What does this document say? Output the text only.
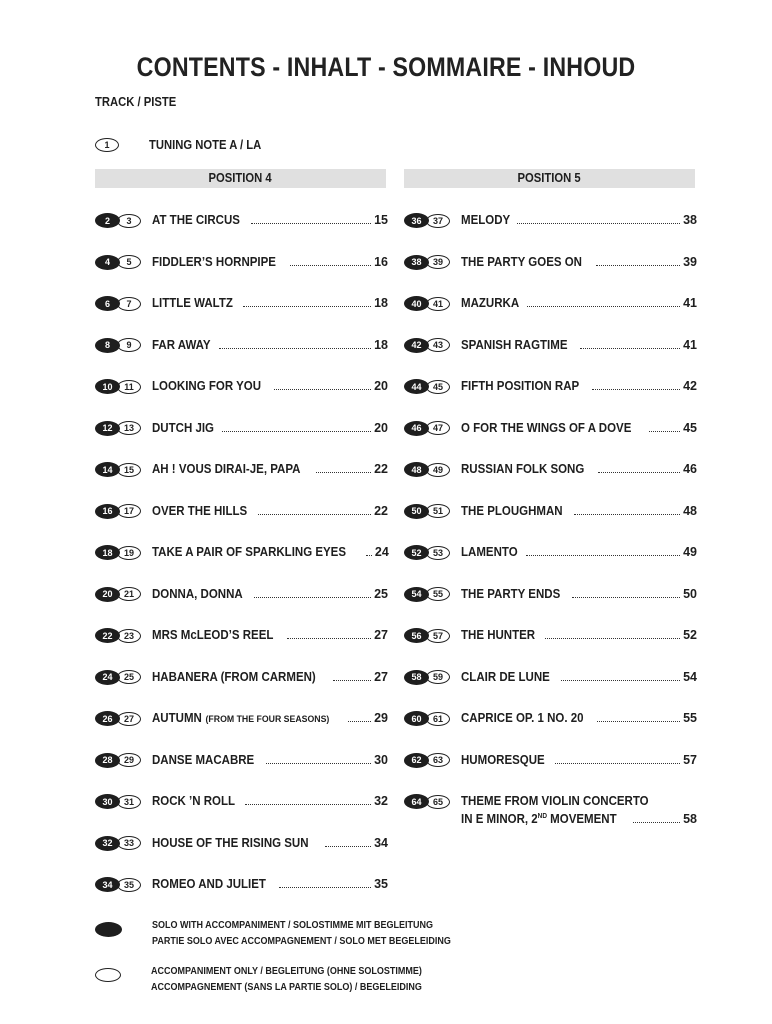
CONTENTS - INHALT - SOMMAIRE - INHOUD
TRACK / PISTE
1	TUNING NOTE A / LA
POSITION 4	POSITION 5
2	3	AT THE CIRCUS	15
4	5	FIDDLER’S HORNPIPE	16
6	7	LITTLE WALTZ	18
8	9	FAR AWAY	18
10	11	LOOKING FOR YOU	20
12	13	DUTCH JIG	20
14	15	AH ! VOUS DIRAI-JE, PAPA	22
16	17	OVER THE HILLS	22
18	19	TAKE A PAIR OF SPARKLING EYES 24
20	21	DONNA, DONNA	25
22	23	MRS McLEOD’S REEL	27
24	25	HABANERA (FROM CARMEN)	27
26	27	AUTUMN (FROM THE FOUR SEASONS)	29
28	29	DANSE MACABRE	30
30	31	ROCK ’N ROLL	32
32	33	HOUSE OF THE RISING SUN	34
34	35	ROMEO AND JULIET	35
36	37	MELODY	38
38	39	THE PARTY GOES ON	39
40	41	MAZURKA	41
42	43	SPANISH RAGTIME	41
44	45	FIFTH POSITION RAP	42
46	47	O FOR THE WINGS OF A DOVE	45
48	49	RUSSIAN FOLK SONG	46
50	51	THE PLOUGHMAN	48
52	53	LAMENTO	49
54	55	THE PARTY ENDS	50
56	57	THE HUNTER	52
58	59	CLAIR DE LUNE	54
60	61	CAPRICE OP. 1 NO. 20	55
62	63	HUMORESQUE	57
64	65	THEME FROM VIOLIN CONCERTO
IN E MINOR, 2ND MOVEMENT	58
SOLO WITH ACCOMPANIMENT / SOLOSTIMME MIT BEGLEITUNG
PARTIE SOLO AVEC ACCOMPAGNEMENT / SOLO MET BEGELEIDING
ACCOMPANIMENT ONLY / BEGLEITUNG (OHNE SOLOSTIMME)
ACCOMPAGNEMENT (SANS LA PARTIE SOLO) / BEGELEIDING
